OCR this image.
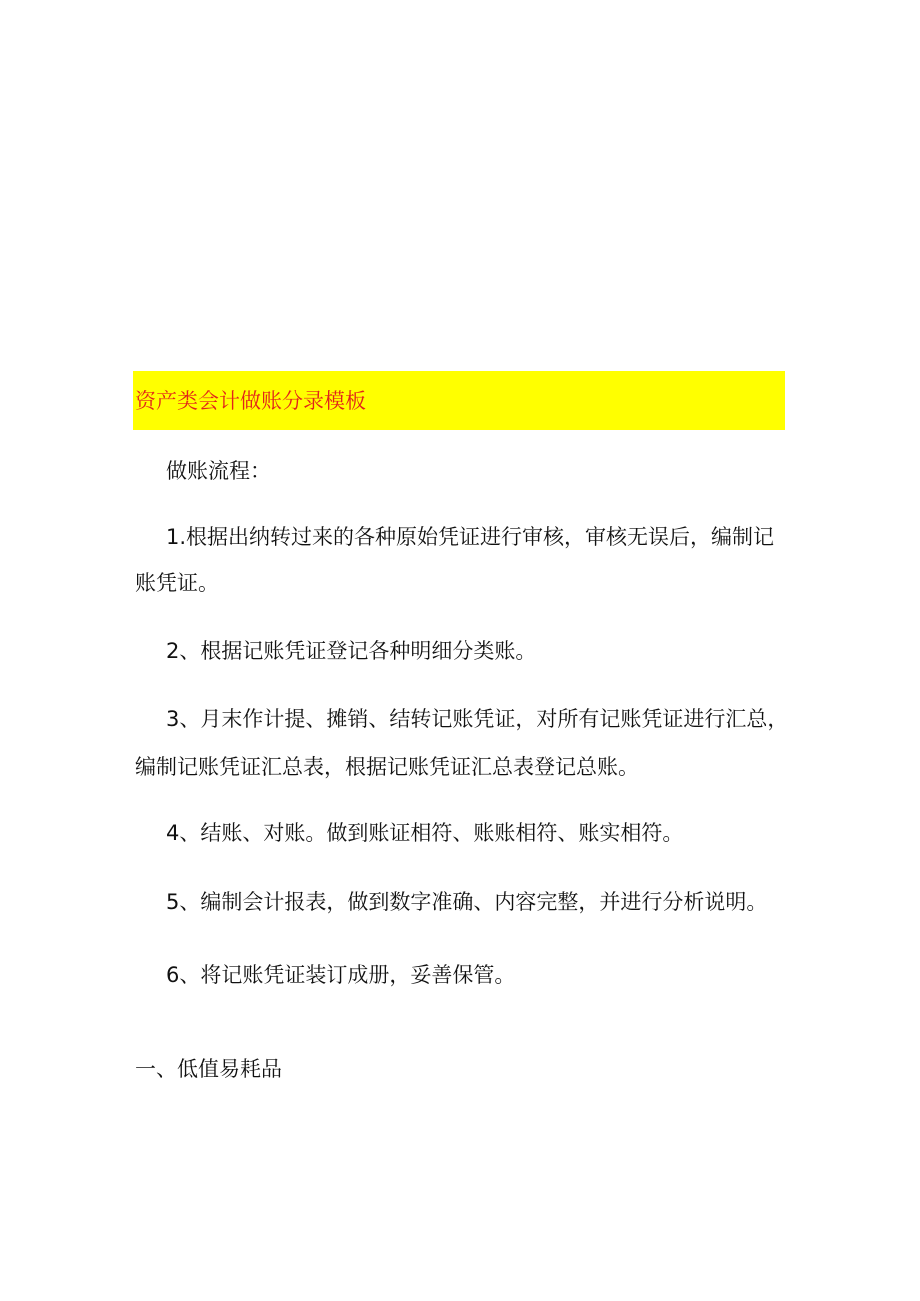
资产类会计做账分录模板
做账流程：
1.根据出纳转过来的各种原始凭证进行审核，审核无误后，编制记
账凭证。
2、根据记账凭证登记各种明细分类账。
3、月末作计提、摊销、结转记账凭证，对所有记账凭证进行汇总，
编制记账凭证汇总表，根据记账凭证汇总表登记总账。
4、结账、对账。做到账证相符、账账相符、账实相符。
5、编制会计报表，做到数字准确、内容完整，并进行分析说明。
6、将记账凭证装订成册，妥善保管。
一、低值易耗品
